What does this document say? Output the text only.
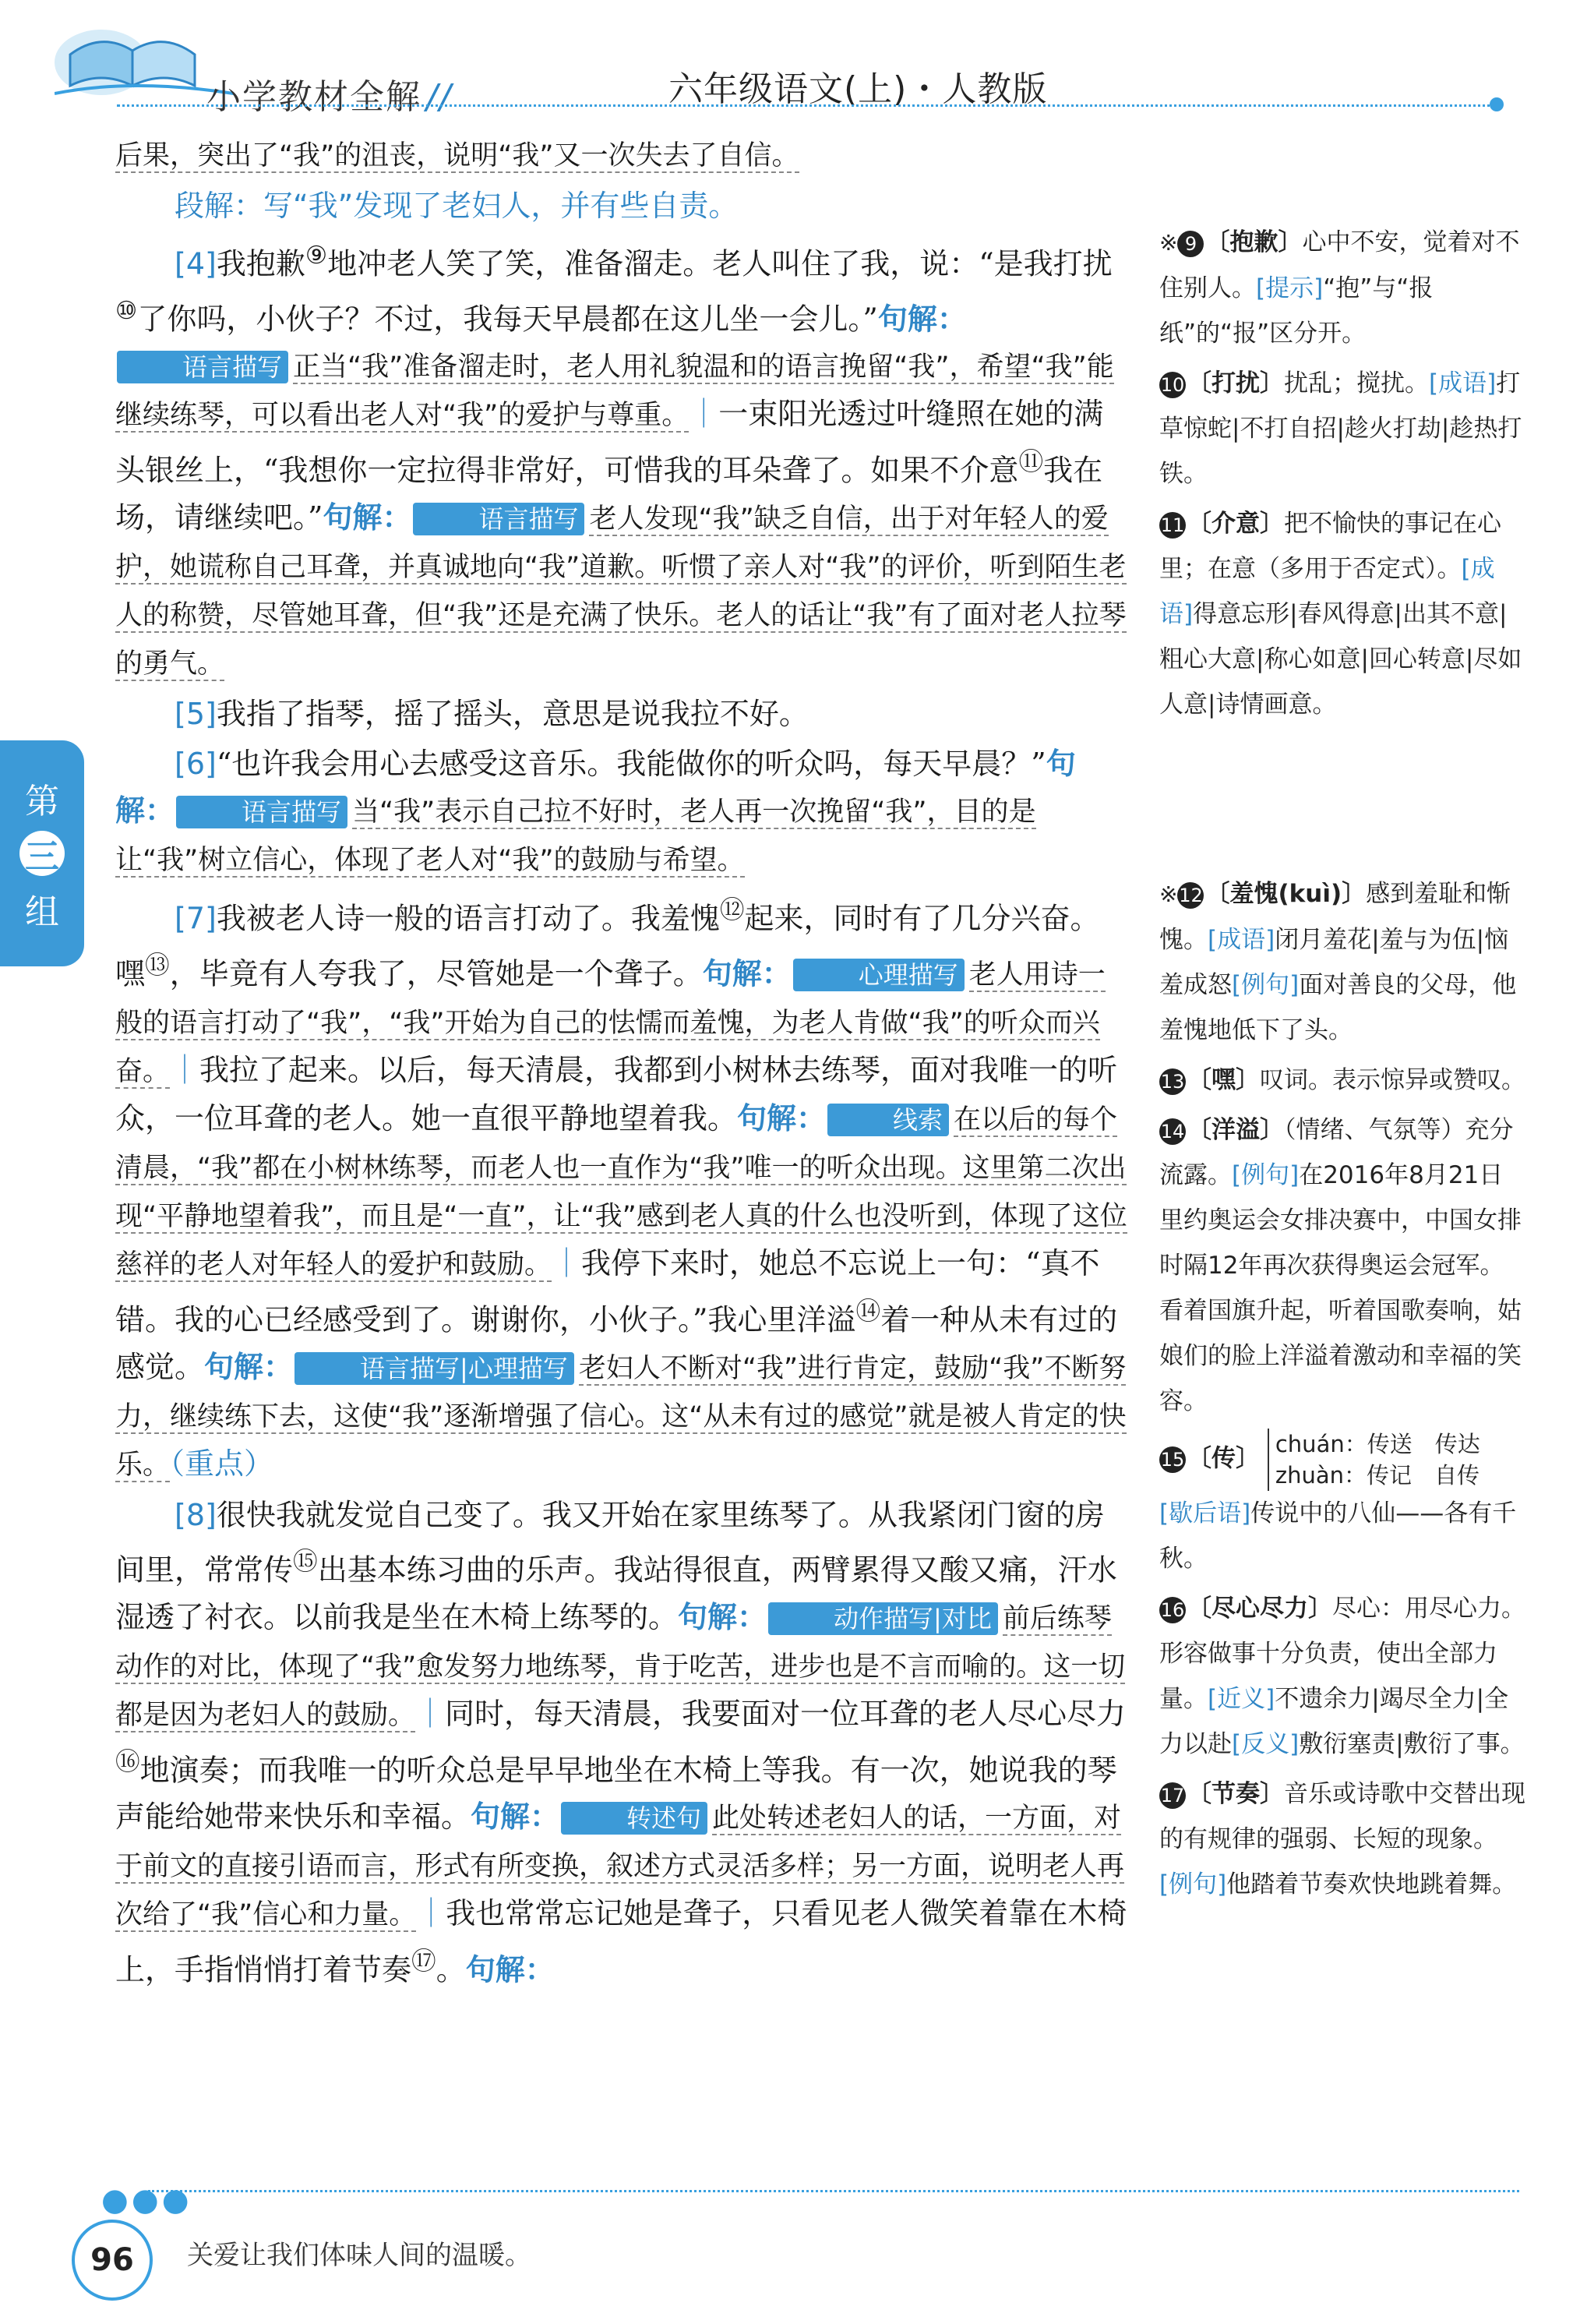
小学教材全解 //	六年级语文(上)・人教版
第
三
组

后果，突出了“我”的沮丧，说明“我”又一次失去了自信。

段解：写“我”发现了老妇人，并有些自责。

[4]我抱歉⑨地冲老人笑了笑，准备溜走。老人叫住了我，说：“是我打扰⑩了你吗，小伙子？不过，我每天早晨都在这儿坐一会儿。”句解：语言描写 正当“我”准备溜走时，老人用礼貌温和的语言挽留“我”，希望“我”能继续练琴，可以看出老人对“我”的爱护与尊重。｜一束阳光透过叶缝照在她的满头银丝上，“我想你一定拉得非常好，可惜我的耳朵聋了。如果不介意⑪我在场，请继续吧。”句解：	语言描写 老人发现“我”缺乏自信，出于对年轻人的爱护，她谎称自己耳聋，并真诚地向“我”道歉。听惯了亲人对“我”的评价，听到陌生老人的称赞，尽管她耳聋，但“我”还是充满了快乐。老人的话让“我”有了面对老人拉琴的勇气。

[5]我指了指琴，摇了摇头，意思是说我拉不好。

[6]“也许我会用心去感受这音乐。我能做你的听众吗，每天早晨？”句解：	语言描写 当“我”表示自己拉不好时，老人再一次挽留“我”，目的是让“我”树立信心，体现了老人对“我”的鼓励与希望。

[7]我被老人诗一般的语言打动了。我羞愧⑫起来，同时有了几分兴奋。嘿⑬，毕竟有人夸我了，尽管她是一个聋子。句解：	心理描写 老人用诗一般的语言打动了“我”，“我”开始为自己的怯懦而羞愧，为老人肯做“我”的听众而兴奋。｜我拉了起来。以后，每天清晨，我都到小树林去练琴，面对我唯一的听众，一位耳聋的老人。她一直很平静地望着我。句解：	线索 在以后的每个清晨，“我”都在小树林练琴，而老人也一直作为“我”唯一的听众出现。这里第二次出现“平静地望着我”，而且是“一直”，让“我”感到老人真的什么也没听到，体现了这位慈祥的老人对年轻人的爱护和鼓励。｜我停下来时，她总不忘说上一句：“真不错。我的心已经感受到了。谢谢你，小伙子。”我心里洋溢⑭着一种从未有过的感觉。句解：	语言描写|心理描写 老妇人不断对“我”进行肯定，鼓励“我”不断努力，继续练下去，这使“我”逐渐增强了信心。这“从未有过的感觉”就是被人肯定的快乐。（重点）

[8]很快我就发觉自己变了。我又开始在家里练琴了。从我紧闭门窗的房间里，常常传⑮出基本练习曲的乐声。我站得很直，两臂累得又酸又痛，汗水湿透了衬衣。以前我是坐在木椅上练琴的。句解：	动作描写|对比 前后练琴动作的对比，体现了“我”愈发努力地练琴，肯于吃苦，进步也是不言而喻的。这一切都是因为老妇人的鼓励。｜同时，每天清晨，我要面对一位耳聋的老人尽心尽力⑯地演奏；而我唯一的听众总是早早地坐在木椅上等我。有一次，她说我的琴声能给她带来快乐和幸福。句解：	转述句 此处转述老妇人的话，一方面，对于前文的直接引语而言，形式有所变换，叙述方式灵活多样；另一方面，说明老人再次给了“我”信心和力量。｜我也常常忘记她是聋子，只看见老人微笑着靠在木椅上，手指悄悄打着节奏⑰。句解：

※ 9 〔抱歉〕心中不安，觉着对不住别人。[提示]“抱”与“报纸”的“报”区分开。
10 〔打扰〕扰乱；搅扰。[成语]打草惊蛇|不打自招|趁火打劫|趁热打铁。
11 〔介意〕把不愉快的事记在心里；在意（多用于否定式）。[成语]得意忘形|春风得意|出其不意|粗心大意|称心如意|回心转意|尽如人意|诗情画意。
※12 〔羞愧(kuì)〕感到羞耻和惭愧。[成语]闭月羞花|羞与为伍|恼羞成怒[例句]面对善良的父母，他羞愧地低下了头。
13 〔嘿〕叹词。表示惊异或赞叹。
14 〔洋溢〕（情绪、气氛等）充分流露。[例句]在2016年8月21日里约奥运会女排决赛中，中国女排时隔12年再次获得奥运会冠军。看着国旗升起，听着国歌奏响，姑娘们的脸上洋溢着激动和幸福的笑容。
15 〔传〕
chuán：传送　传达
zhuàn：传记　自传

[歇后语]传说中的八仙——各有千秋。
16 〔尽心尽力〕尽心：用尽心力。形容做事十分负责，使出全部力量。[近义]不遗余力|竭尽全力|全力以赴[反义]敷衍塞责|敷衍了事。
17 〔节奏〕音乐或诗歌中交替出现的有规律的强弱、长短的现象。[例句]他踏着节奏欢快地跳着舞。
●●●
96	关爱让我们体味人间的温暖。
